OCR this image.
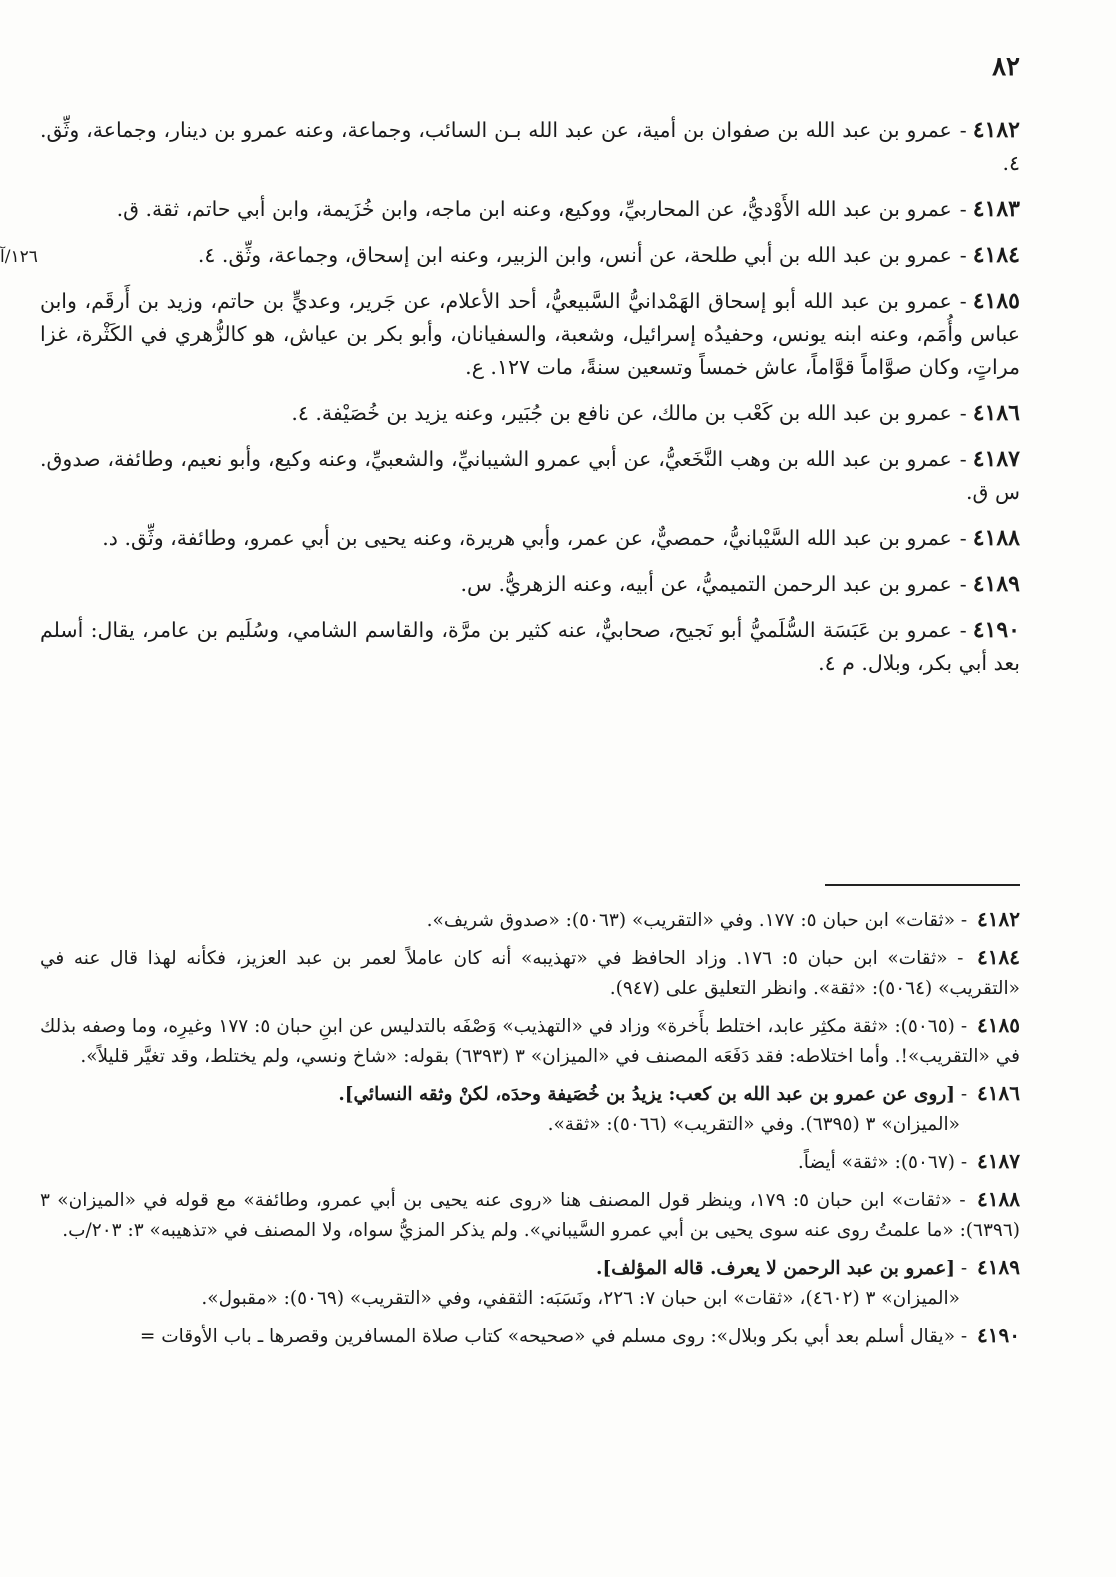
٨٢
٤١٨٢-عمرو بن عبد الله بن صفوان بن أمية، عن عبد الله بـن السائب، وجماعة، وعنه عمرو بن دينار، وجماعة، وثِّق. ٤.
٤١٨٣-عمرو بن عبد الله الأَوْديُّ، عن المحاربيِّ، ووكيع، وعنه ابن ماجه، وابن خُزَيمة، وابن أبي حاتم، ثقة. ق.
١٢٦/آ	٤١٨٤-عمرو بن عبد الله بن أبي طلحة، عن أنس، وابن الزبير، وعنه ابن إسحاق، وجماعة، وثِّق. ٤.
٤١٨٥-عمرو بن عبد الله أبو إسحاق الهَمْدانيُّ السَّبيعيُّ، أحد الأعلام، عن جَرير، وعديٍّ بن حاتم، وزيد بن أَرقَم، وابن عباس وأُمَم، وعنه ابنه يونس، وحفيدُه إسرائيل، وشعبة، والسفيانان، وأبو بكر بن عياش، هو كالزُّهري في الكَثْرة، غزا مراتٍ، وكان صوَّاماً قوَّاماً، عاش خمساً وتسعين سنةً، مات ١٢٧. ع.
٤١٨٦-عمرو بن عبد الله بن كَعْب بن مالك، عن نافع بن جُبَير، وعنه يزيد بن خُصَيْفة. ٤.
٤١٨٧-عمرو بن عبد الله بن وهب النَّخَعيُّ، عن أبي عمرو الشيبانيِّ، والشعبيِّ، وعنه وكيع، وأبو نعيم، وطائفة، صدوق. س ق.
٤١٨٨-عمرو بن عبد الله السَّيْبانيُّ، حمصيٌّ، عن عمر، وأبي هريرة، وعنه يحيى بن أبي عمرو، وطائفة، وثِّق. د.
٤١٨٩-عمرو بن عبد الرحمن التميميُّ، عن أبيه، وعنه الزهريُّ. س.
٤١٩٠-عمرو بن عَبَسَة السُّلَميُّ أبو نَجيح، صحابيٌّ، عنه كثير بن مرَّة، والقاسم الشامي، وسُلَيم بن عامر، يقال: أسلم بعد أبي بكر، وبلال. م ٤.
٤١٨٢ - «ثقات» ابن حبان ٥: ١٧٧. وفي «التقريب» (٥٠٦٣): «صدوق شريف».
٤١٨٤ - «ثقات» ابن حبان ٥: ١٧٦. وزاد الحافظ في «تهذيبه» أنه كان عاملاً لعمر بن عبد العزيز، فكأنه لهذا قال عنه في «التقريب» (٥٠٦٤): «ثقة». وانظر التعليق على (٩٤٧).
٤١٨٥ - (٥٠٦٥): «ثقة مكثِر عابد، اختلط بأَخرة» وزاد في «التهذيب» وَصْفَه بالتدليس عن ابنِ حبان ٥: ١٧٧ وغيرِه، وما وصفه بذلك في «التقريب»!. وأما اختلاطه: فقد دَفَعَه المصنف في «الميزان» ٣ (٦٣٩٣) بقوله: «شاخ ونسي، ولم يختلط، وقد تغيَّر قليلاً».
٤١٨٦ - [روى عن عمرو بن عبد الله بن كعب: يزيدُ بن خُصَيفة وحدَه، لكنْ وثقه النسائي].
«الميزان» ٣ (٦٣٩٥). وفي «التقريب» (٥٠٦٦): «ثقة».
٤١٨٧ - (٥٠٦٧): «ثقة» أيضاً.
٤١٨٨ - «ثقات» ابن حبان ٥: ١٧٩، وينظر قول المصنف هنا «روى عنه يحيى بن أبي عمرو، وطائفة» مع قوله في «الميزان» ٣ (٦٣٩٦): «ما علمتُ روى عنه سوى يحيى بن أبي عمرو السَّيباني». ولم يذكر المزيُّ سواه، ولا المصنف في «تذهيبه» ٣: ٢٠٣/ب.
٤١٨٩ - [عمرو بن عبد الرحمن لا يعرف. قاله المؤلف].
«الميزان» ٣ (٤٦٠٢)، «ثقات» ابن حبان ٧: ٢٢٦، ونَسَبَه: الثقفي، وفي «التقريب» (٥٠٦٩): «مقبول».
٤١٩٠ - «يقال أسلم بعد أبي بكر وبلال»: روى مسلم في «صحيحه» كتاب صلاة المسافرين وقصرها ـ باب الأوقات =
